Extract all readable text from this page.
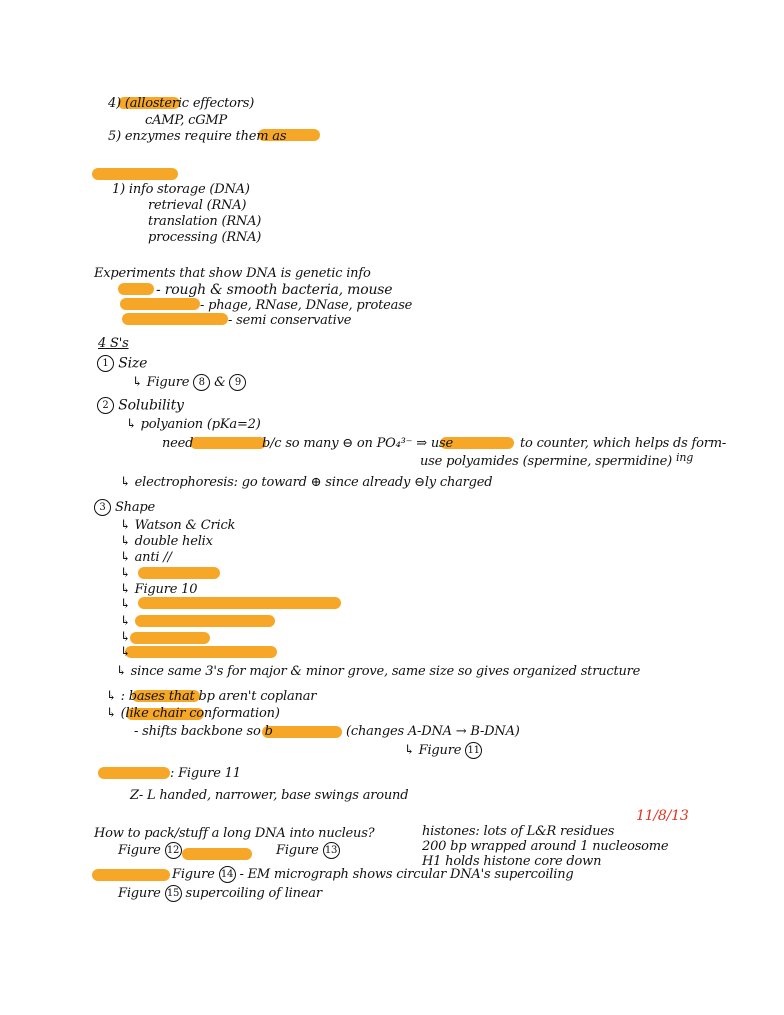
4) (allosteric effectors)
cAMP, cGMP
5) enzymes require them as
1) info storage (DNA)
retrieval (RNA)
translation (RNA)
processing (RNA)
Experiments that show DNA is genetic info
- rough & smooth bacteria, mouse
- phage, RNase, DNase, protease
- semi conservative
4 S's
1 Size
↳ Figure 8 & 9
2 Solubility
↳ polyanion (pKa=2)
need	b/c so many ⊖ on PO₄³⁻ ⇒ use	to counter, which helps ds form-
ing
use polyamides (spermine, spermidine)
↳ electrophoresis: go toward ⊕ since already ⊖ly charged
3 Shape
↳ Watson & Crick
↳ double helix
↳ anti //
↳
↳ Figure 10
↳
↳
↳
↳
↳ since same 3's for major & minor grove, same size so gives organized structure
↳ : bases that bp aren't coplanar
↳ (like chair conformation)
- shifts backbone so b	(changes A-DNA → B-DNA)
↳ Figure 11
: Figure 11
Z- L handed, narrower, base swings around
11/8/13
How to pack/stuff a long DNA into nucleus?
Figure 12	Figure 13
histones: lots of L&R residues
200 bp wrapped around 1 nucleosome
H1 holds histone core down
Figure 14 - EM micrograph shows circular DNA's supercoiling
Figure 15 supercoiling of linear
